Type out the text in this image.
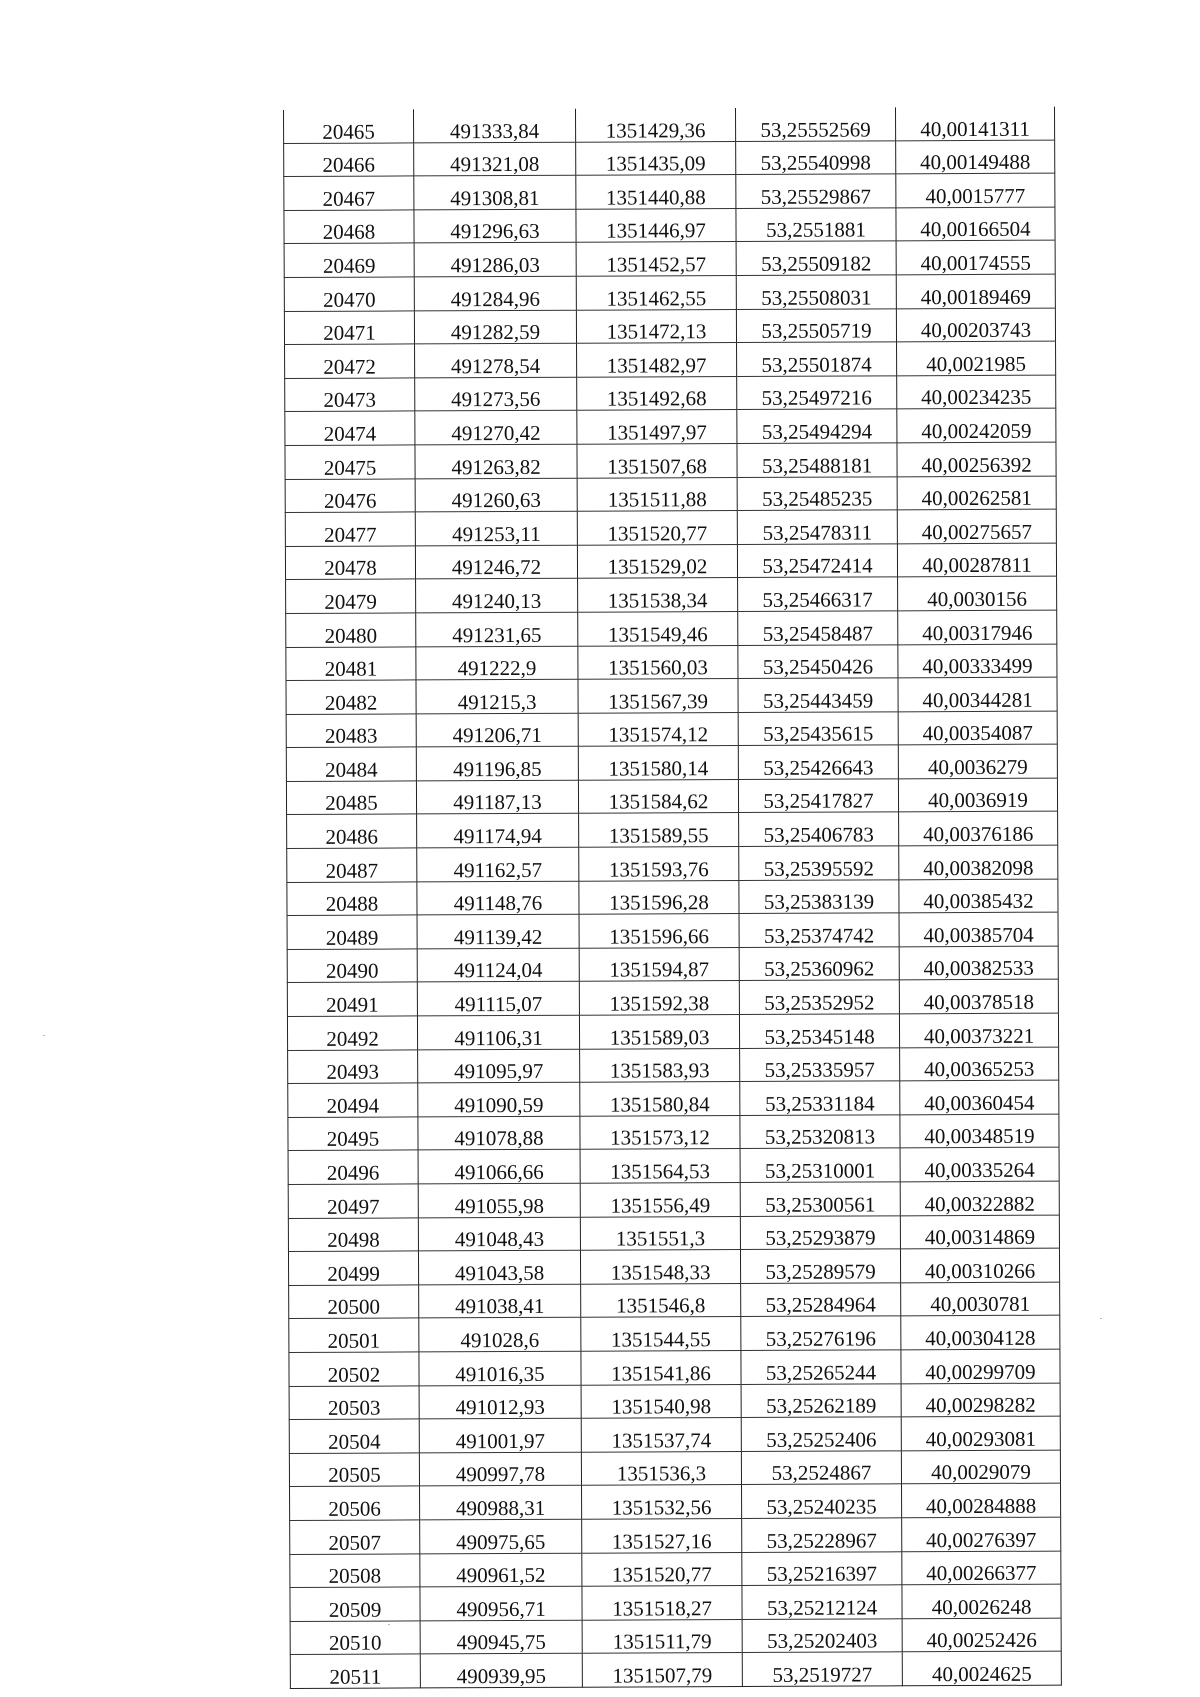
20465	491333,84	1351429,36	53,25552569	40,00141311
20466	491321,08	1351435,09	53,25540998	40,00149488
20467	491308,81	1351440,88	53,25529867	40,0015777
20468	491296,63	1351446,97	53,2551881	40,00166504
20469	491286,03	1351452,57	53,25509182	40,00174555
20470	491284,96	1351462,55	53,25508031	40,00189469
20471	491282,59	1351472,13	53,25505719	40,00203743
20472	491278,54	1351482,97	53,25501874	40,0021985
20473	491273,56	1351492,68	53,25497216	40,00234235
20474	491270,42	1351497,97	53,25494294	40,00242059
20475	491263,82	1351507,68	53,25488181	40,00256392
20476	491260,63	1351511,88	53,25485235	40,00262581
20477	491253,11	1351520,77	53,25478311	40,00275657
20478	491246,72	1351529,02	53,25472414	40,00287811
20479	491240,13	1351538,34	53,25466317	40,0030156
20480	491231,65	1351549,46	53,25458487	40,00317946
20481	491222,9	1351560,03	53,25450426	40,00333499
20482	491215,3	1351567,39	53,25443459	40,00344281
20483	491206,71	1351574,12	53,25435615	40,00354087
20484	491196,85	1351580,14	53,25426643	40,0036279
20485	491187,13	1351584,62	53,25417827	40,0036919
20486	491174,94	1351589,55	53,25406783	40,00376186
20487	491162,57	1351593,76	53,25395592	40,00382098
20488	491148,76	1351596,28	53,25383139	40,00385432
20489	491139,42	1351596,66	53,25374742	40,00385704
20490	491124,04	1351594,87	53,25360962	40,00382533
20491	491115,07	1351592,38	53,25352952	40,00378518
20492	491106,31	1351589,03	53,25345148	40,00373221
20493	491095,97	1351583,93	53,25335957	40,00365253
20494	491090,59	1351580,84	53,25331184	40,00360454
20495	491078,88	1351573,12	53,25320813	40,00348519
20496	491066,66	1351564,53	53,25310001	40,00335264
20497	491055,98	1351556,49	53,25300561	40,00322882
20498	491048,43	1351551,3	53,25293879	40,00314869
20499	491043,58	1351548,33	53,25289579	40,00310266
20500	491038,41	1351546,8	53,25284964	40,0030781
20501	491028,6	1351544,55	53,25276196	40,00304128
20502	491016,35	1351541,86	53,25265244	40,00299709
20503	491012,93	1351540,98	53,25262189	40,00298282
20504	491001,97	1351537,74	53,25252406	40,00293081
20505	490997,78	1351536,3	53,2524867	40,0029079
20506	490988,31	1351532,56	53,25240235	40,00284888
20507	490975,65	1351527,16	53,25228967	40,00276397
20508	490961,52	1351520,77	53,25216397	40,00266377
20509	490956,71	1351518,27	53,25212124	40,0026248
20510	490945,75	1351511,79	53,25202403	40,00252426
20511	490939,95	1351507,79	53,2519727	40,0024625
